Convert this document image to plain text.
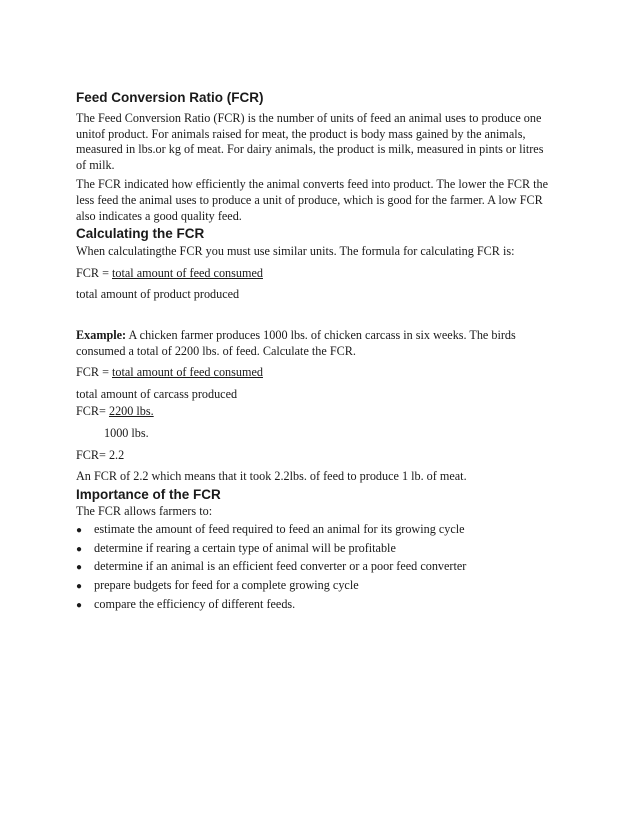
Feed Conversion Ratio (FCR)

The Feed Conversion Ratio (FCR) is the number of units of feed an animal uses to produce one
unitof product. For animals raised for meat, the product is body mass gained by the animals,
measured in lbs.or kg of meat. For dairy animals, the product is milk, measured in pints or litres
of milk.

The FCR indicated how efficiently the animal converts feed into product. The lower the FCR the
less feed the animal uses to produce a unit of produce, which is good for the farmer. A low FCR
also indicates a good quality feed.

Calculating the FCR

When calculatingthe FCR you must use similar units. The formula for calculating FCR is:

FCR = total amount of feed consumed

total amount of product produced

Example: A chicken farmer produces 1000 lbs. of chicken carcass in six weeks. The birds
consumed a total of 2200 lbs. of feed. Calculate the FCR.

FCR = total amount of feed consumed

total amount of carcass produced

FCR= 2200 lbs.

1000 lbs.

FCR= 2.2

An FCR of 2.2 which means that it took 2.2lbs. of feed to produce 1 lb. of meat.

Importance of the FCR

The FCR allows farmers to:

● estimate the amount of feed required to feed an animal for its growing cycle
● determine if rearing a certain type of animal will be profitable
● determine if an animal is an efficient feed converter or a poor feed converter
● prepare budgets for feed for a complete growing cycle
● compare the efficiency of different feeds.
